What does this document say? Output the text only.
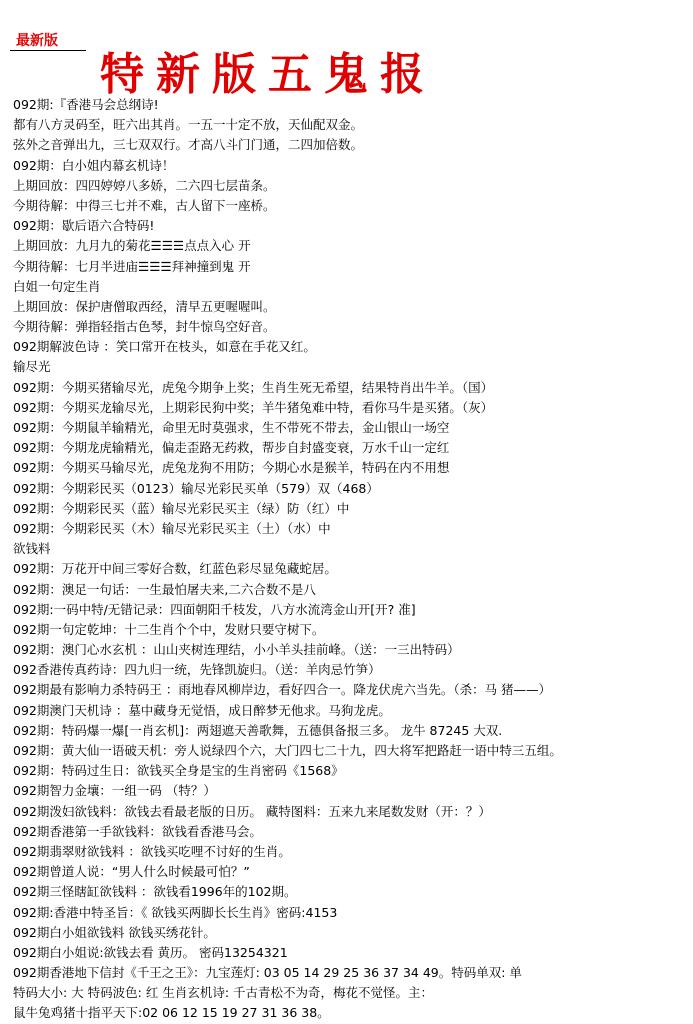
最新版
特新版五鬼报
092期:『香港马会总纲诗!
都有八方灵码至，旺六出其肖。一五一十定不放，天仙配双金。
弦外之音弹出九，三七双双行。才高八斗门门通，二四加倍数。
092期：白小姐内幕玄机诗！
上期回放：四四婷婷八多娇，二六四七层苗条。
今期待解：中得三七并不难，古人留下一座桥。
092期：歇后语六合特码!
上期回放：九月九的菊花☰☰☰点点入心 开
今期待解：七月半进庙☰☰☰拜神撞到鬼 开
白姐一句定生肖
上期回放：保护唐僧取西经，清早五更喔喔叫。
今期待解：弹指轻指古色琴，封牛惊鸟空好音。
092期解波色诗 ：笑口常开在枝头，如意在手花又红。
输尽光
092期：今期买猪输尽光，虎兔今期争上奖；生肖生死无希望，结果特肖出牛羊。（国）
092期：今期买龙输尽光，上期彩民狗中奖；羊牛猪兔难中特，看你马牛是买猪。（灰）
092期：今期鼠羊输精光，命里无时莫强求，生不带死不带去，金山银山一场空
092期：今期龙虎输精光，偏走歪路无药救，帮步自封盛变衰，万水千山一定红
092期：今期买马输尽光，虎兔龙狗不用防；今期心水是猴羊，特码在内不用想
092期：今期彩民买（0123）输尽光彩民买单（579）双（468）
092期：今期彩民买（蓝）输尽光彩民买主（绿）防（红）中
092期：今期彩民买（木）输尽光彩民买主（土）（水）中
欲钱料
092期：万花开中间三零好合数，红蓝色彩尽显兔藏蛇居。
092期：澳足一句话：一生最怕屠夫来,二六合数不是八
092期:一码中特/无错记录：四面朝阳千枝发，八方水流湾金山开[开? 准]
092期一句定乾坤：十二生肖个个中，发财只要守树下。
092期：澳门心水玄机 ：山山夹树连理结，小小羊头挂前峰。（送：一三出特码）
092香港传真药诗：四九归一统，先锋凯旋归。（送：羊肉忌竹笋）
092期最有影响力杀特码王 ：雨地春风柳岸边，看好四合一。降龙伏虎六当先。（杀：马 猪——）
092期澳门天机诗 ：墓中藏身无觉悟，成日醉梦无他求。马狗龙虎。
092期：特码爆一爆[一肖玄机]：两翅遮天善歌舞，五德俱备报三多。 龙牛 87245 大双.
092期：黄大仙一语破天机：旁人说绿四个六，大门四七二十九，四大将军把路赶一语中特三五组。
092期：特码过生日：欲钱买全身是宝的生肖密码《1568》
092期智力金壤：一组一码 （特？）
092期泼妇欲钱料：欲钱去看最老版的日历。 藏特图料：五来九来尾数发财（开：？）
092期香港第一手欲钱料：欲钱看香港马会。
092期翡翠财欲钱料 ：欲钱买吃哩不讨好的生肖。
092期曾道人说：“男人什么时候最可怕？”
092期三怪瞎缸欲钱料 ：欲钱看1996年的102期。
092期:香港中特圣旨：《 欲钱买两脚长长生肖》密码:4153
092期白小姐欲钱料 欲钱买绣花针。
092期白小姐说:欲钱去看 黄历。 密码13254321
092期香港地下信封《千王之王》：九宝莲灯: 03 05 14 29 25 36 37 34 49。特码单双: 单
特码大小: 大 特码波色: 红 生肖玄机诗: 千古青松不为奇，梅花不觉怪。主：
鼠牛兔鸡猪十指平天下:02 06 12 15 19 27 31 36 38。
